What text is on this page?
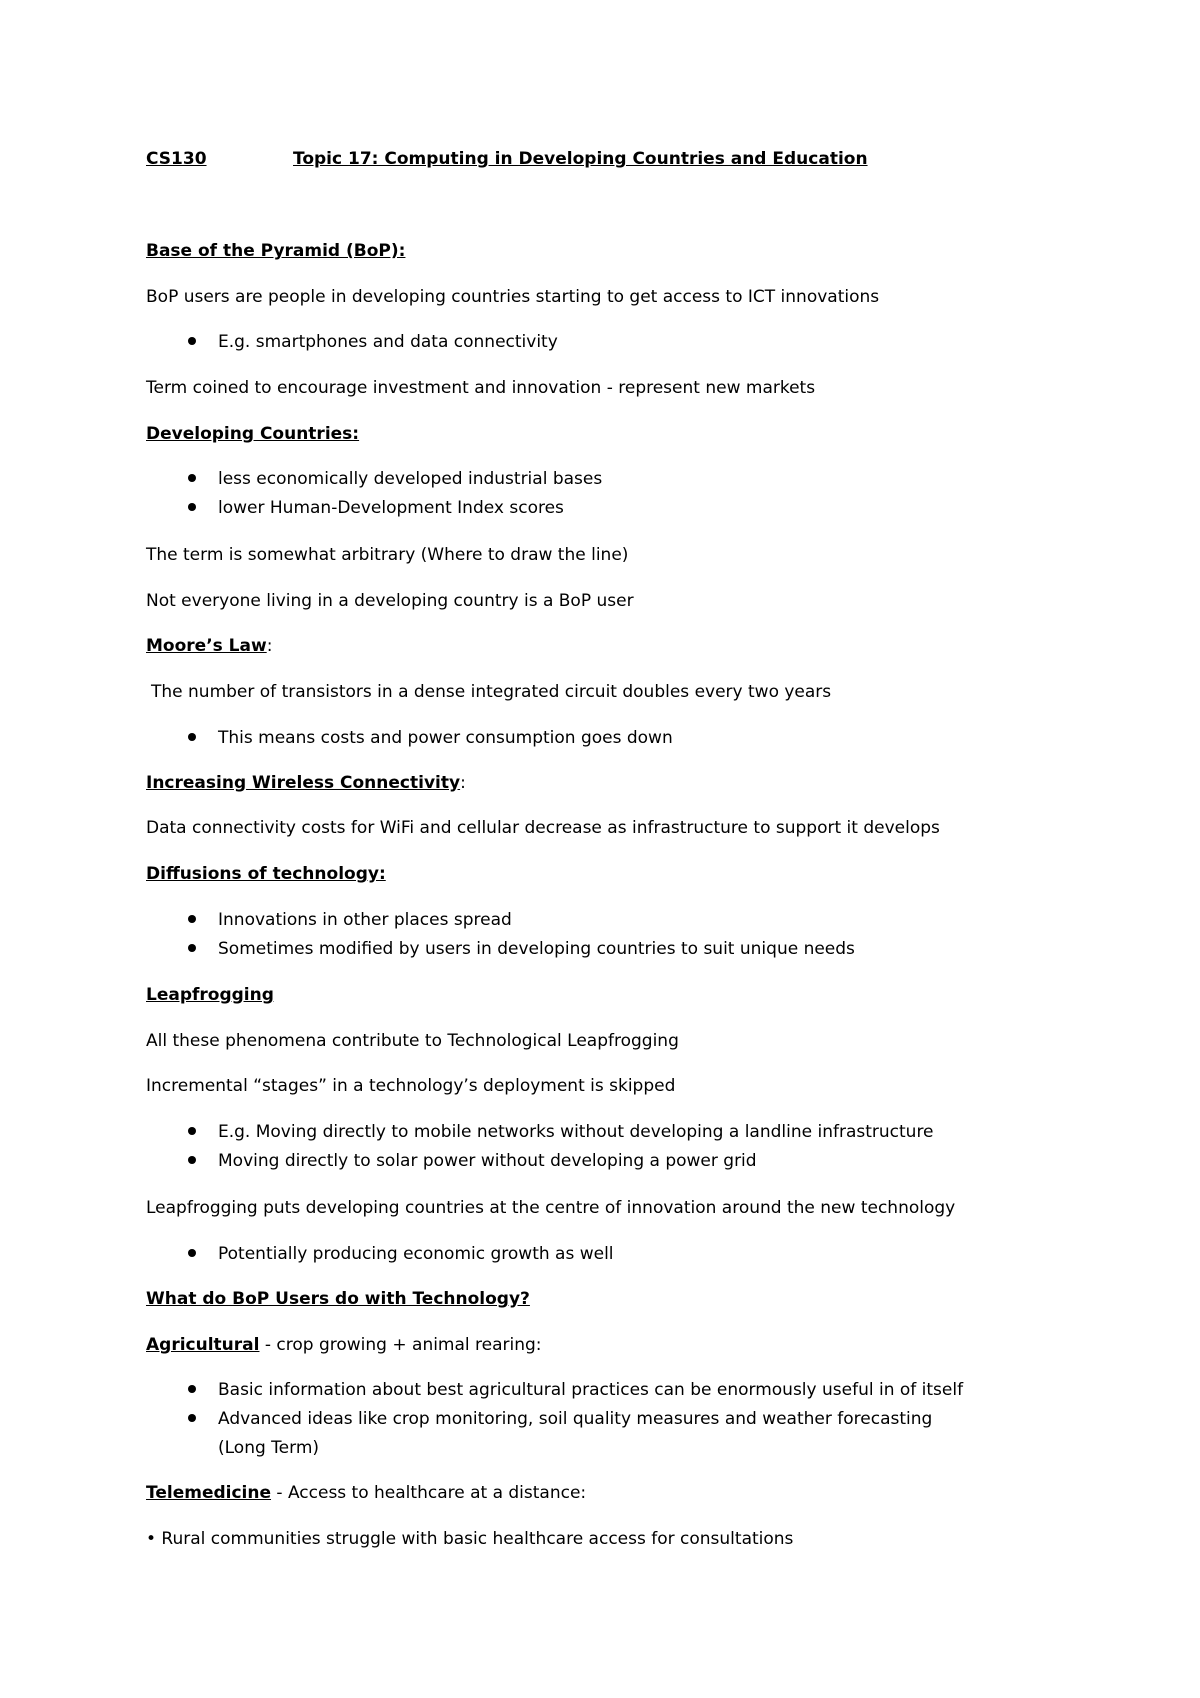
CS130	Topic 17: Computing in Developing Countries and Education
Base of the Pyramid (BoP):
BoP users are people in developing countries starting to get access to ICT innovations
E.g. smartphones and data connectivity
Term coined to encourage investment and innovation - represent new markets
Developing Countries:
less economically developed industrial bases
lower Human-Development Index scores
The term is somewhat arbitrary (Where to draw the line)
Not everyone living in a developing country is a BoP user
Moore’s Law:
The number of transistors in a dense integrated circuit doubles every two years
This means costs and power consumption goes down
Increasing Wireless Connectivity:
Data connectivity costs for WiFi and cellular decrease as infrastructure to support it develops
Diffusions of technology:
Innovations in other places spread
Sometimes modified by users in developing countries to suit unique needs
Leapfrogging
All these phenomena contribute to Technological Leapfrogging
Incremental “stages” in a technology’s deployment is skipped
E.g. Moving directly to mobile networks without developing a landline infrastructure
Moving directly to solar power without developing a power grid
Leapfrogging puts developing countries at the centre of innovation around the new technology
Potentially producing economic growth as well
What do BoP Users do with Technology?
Agricultural - crop growing + animal rearing:
Basic information about best agricultural practices can be enormously useful in of itself
Advanced ideas like crop monitoring, soil quality measures and weather forecasting
(Long Term)
Telemedicine - Access to healthcare at a distance:
• Rural communities struggle with basic healthcare access for consultations
